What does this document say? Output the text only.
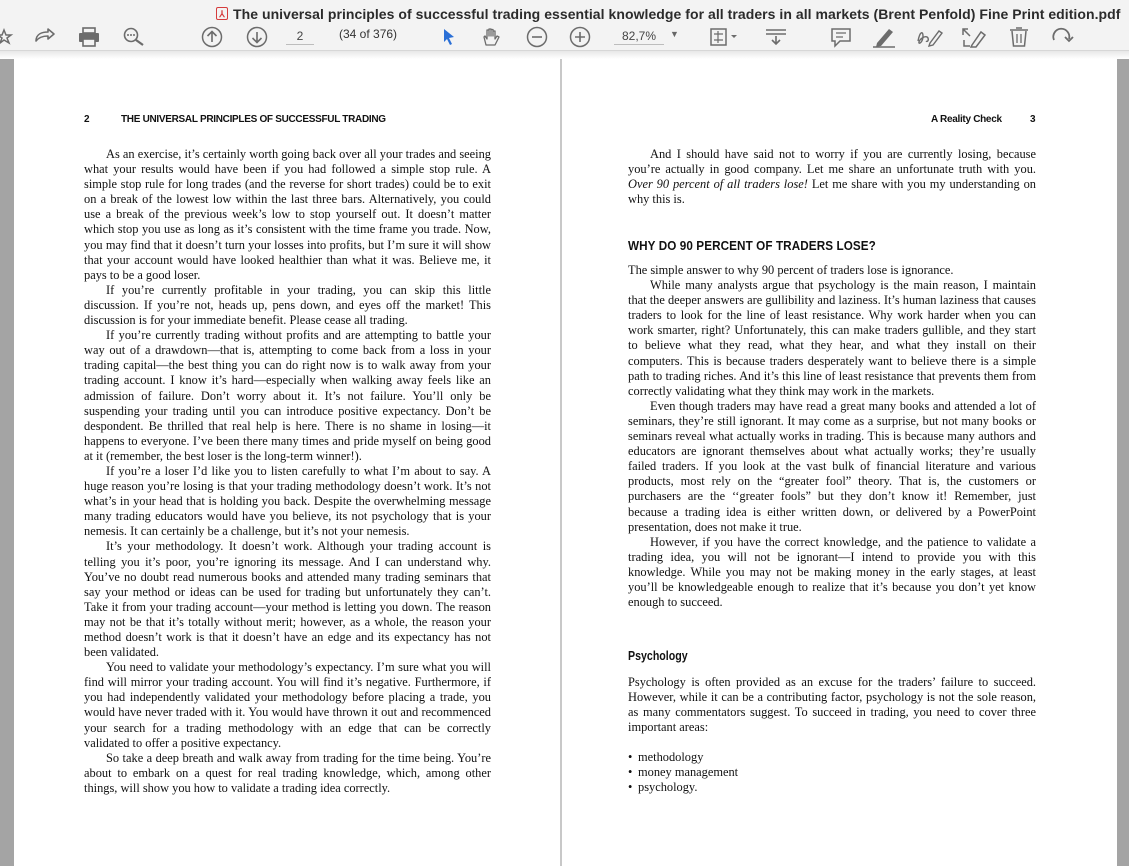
⅄ The universal principles of successful trading essential knowledge for all traders in all markets (Brent Penfold) Fine Print edition.pdf
2
(34 of 376)
82,7%	▼
2	THE UNIVERSAL PRINCIPLES OF SUCCESSFUL TRADING

As an exercise, it’s certainly worth going back over all your trades and seeing what your results would have been if you had followed a simple stop rule. A simple stop rule for long trades (and the reverse for short trades) could be to exit on a break of the lowest low within the last three bars. Alternatively, you could use a break of the previous week’s low to stop yourself out. It doesn’t matter which stop you use as long as it’s consistent with the time frame you trade. Now, you may find that it doesn’t turn your losses into profits, but I’m sure it will show that your account would have looked healthier than what it was. Believe me, it pays to be a good loser.

If you’re currently profitable in your trading, you can skip this little discussion. If you’re not, heads up, pens down, and eyes off the market! This discussion is for your immediate benefit. Please cease all trading.

If you’re currently trading without profits and are attempting to battle your way out of a drawdown—that is, attempting to come back from a loss in your trading capital—the best thing you can do right now is to walk away from your trading account. I know it’s hard—especially when walking away feels like an admission of failure. Don’t worry about it. It’s not failure. You’ll only be suspending your trading until you can introduce positive expectancy. Don’t be despondent. Be thrilled that real help is here. There is no shame in losing—it happens to everyone. I’ve been there many times and pride myself on being good at it (remember, the best loser is the long-term winner!).

If you’re a loser I’d like you to listen carefully to what I’m about to say. A huge reason you’re losing is that your trading methodology doesn’t work. It’s not what’s in your head that is holding you back. Despite the overwhelming message many trading educators would have you believe, its not psychology that is your nemesis. It can certainly be a challenge, but it’s not your nemesis.

It’s your methodology. It doesn’t work. Although your trading account is telling you it’s poor, you’re ignoring its message. And I can understand why. You’ve no doubt read numerous books and attended many trading seminars that say your method or ideas can be used for trading but unfortunately they can’t. Take it from your trading account—your method is letting you down. The reason may not be that it’s totally without merit; however, as a whole, the reason your method doesn’t work is that it doesn’t have an edge and its expectancy has not been validated.

You need to validate your methodology’s expectancy. I’m sure what you will find will mirror your trading account. You will find it’s negative. Furthermore, if you had independently validated your methodology before placing a trade, you would have never traded with it. You would have thrown it out and recommenced your search for a trading methodology with an edge that can be correctly validated to offer a positive expectancy.

So take a deep breath and walk away from trading for the time being. You’re about to embark on a quest for real trading knowledge, which, among other things, will show you how to validate a trading idea correctly.

A Reality Check	3

And I should have said not to worry if you are currently losing, because you’re actually in good company. Let me share an unfortunate truth with you. Over 90 percent of all traders lose! Let me share with you my understanding on why this is.

WHY DO 90 PERCENT OF TRADERS LOSE?

The simple answer to why 90 percent of traders lose is ignorance.

While many analysts argue that psychology is the main reason, I maintain that the deeper answers are gullibility and laziness. It’s human laziness that causes traders to look for the line of least resistance. Why work harder when you can work smarter, right? Unfortunately, this can make traders gullible, and they start to believe what they read, what they hear, and what they install on their computers. This is because traders desperately want to believe there is a simple path to trading riches. And it’s this line of least resistance that prevents them from correctly validating what they think may work in the markets.

Even though traders may have read a great many books and attended a lot of seminars, they’re still ignorant. It may come as a surprise, but not many books or seminars reveal what actually works in trading. This is because many authors and educators are ignorant themselves about what actually works; they’re usually failed traders. If you look at the vast bulk of financial literature and various products, most rely on the “greater fool” theory. That is, the customers or purchasers are the ‘‘greater fools” but they don’t know it! Remember, just because a trading idea is either written down, or delivered by a PowerPoint presentation, does not make it true.

However, if you have the correct knowledge, and the patience to validate a trading idea, you will not be ignorant—I intend to provide you with this knowledge. While you may not be making money in the early stages, at least you’ll be knowledgeable enough to realize that it’s because you don’t yet know enough to succeed.

Psychology

Psychology is often provided as an excuse for the traders’ failure to succeed. However, while it can be a contributing factor, psychology is not the sole reason, as many commentators suggest. To succeed in trading, you need to cover three important areas:

• methodology
• money management
• psychology.
